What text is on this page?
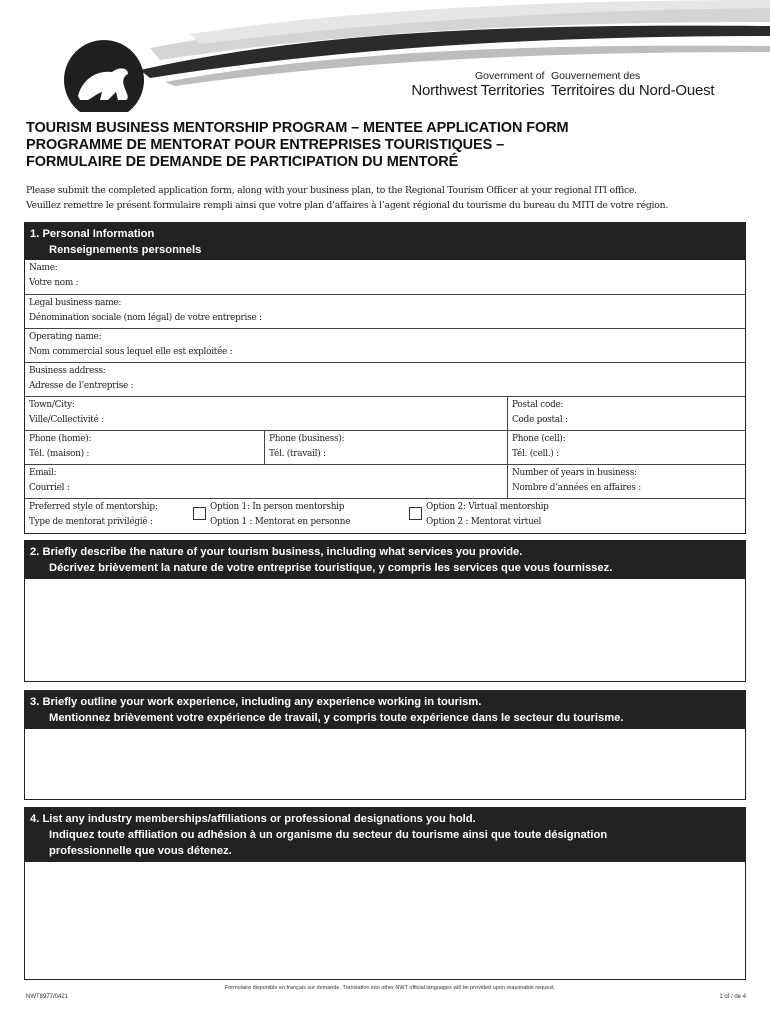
Government of
Northwest Territories
Gouvernement des
Territoires du Nord-Ouest
TOURISM BUSINESS MENTORSHIP PROGRAM – MENTEE APPLICATION FORM
PROGRAMME DE MENTORAT POUR ENTREPRISES TOURISTIQUES –
FORMULAIRE DE DEMANDE DE PARTICIPATION DU MENTORÉ
Please submit the completed application form, along with your business plan, to the Regional Tourism Officer at your regional ITI office.
Veuillez remettre le présent formulaire rempli ainsi que votre plan d’affaires à l’agent régional du tourisme du bureau du MITI de votre région.
1. Personal Information
Renseignements personnels
Name:
Votre nom :
Legal business name:
Dénomination sociale (nom légal) de votre entreprise :
Operating name:
Nom commercial sous lequel elle est exploitée :
Business address:
Adresse de l’entreprise :
Town/City:
Ville/Collectivité :
Postal code:
Code postal :
Phone (home):
Tél. (maison) :
Phone (business):
Tél. (travail) :
Phone (cell):
Tél. (cell.) :
Email:
Courriel :
Number of years in business:
Nombre d’années en affaires :
Preferred style of mentorship:
Type de mentorat privilégié :
Option 1: In person mentorship
Option 1 : Mentorat en personne
Option 2: Virtual mentorship
Option 2 : Mentorat virtuel
2. Briefly describe the nature of your tourism business, including what services you provide.
Décrivez brièvement la nature de votre entreprise touristique, y compris les services que vous fournissez.
3. Briefly outline your work experience, including any experience working in tourism.
Mentionnez brièvement votre expérience de travail, y compris toute expérience dans le secteur du tourisme.
4. List any industry memberships/affiliations or professional designations you hold.
Indiquez toute affiliation ou adhésion à un organisme du secteur du tourisme ainsi que toute désignation
professionnelle que vous détenez.
Formulaire disponible en français sur demande. Translation into other NWT official languages will be provided upon reasonable request.
NWT8977/0421	1 of / de 4
